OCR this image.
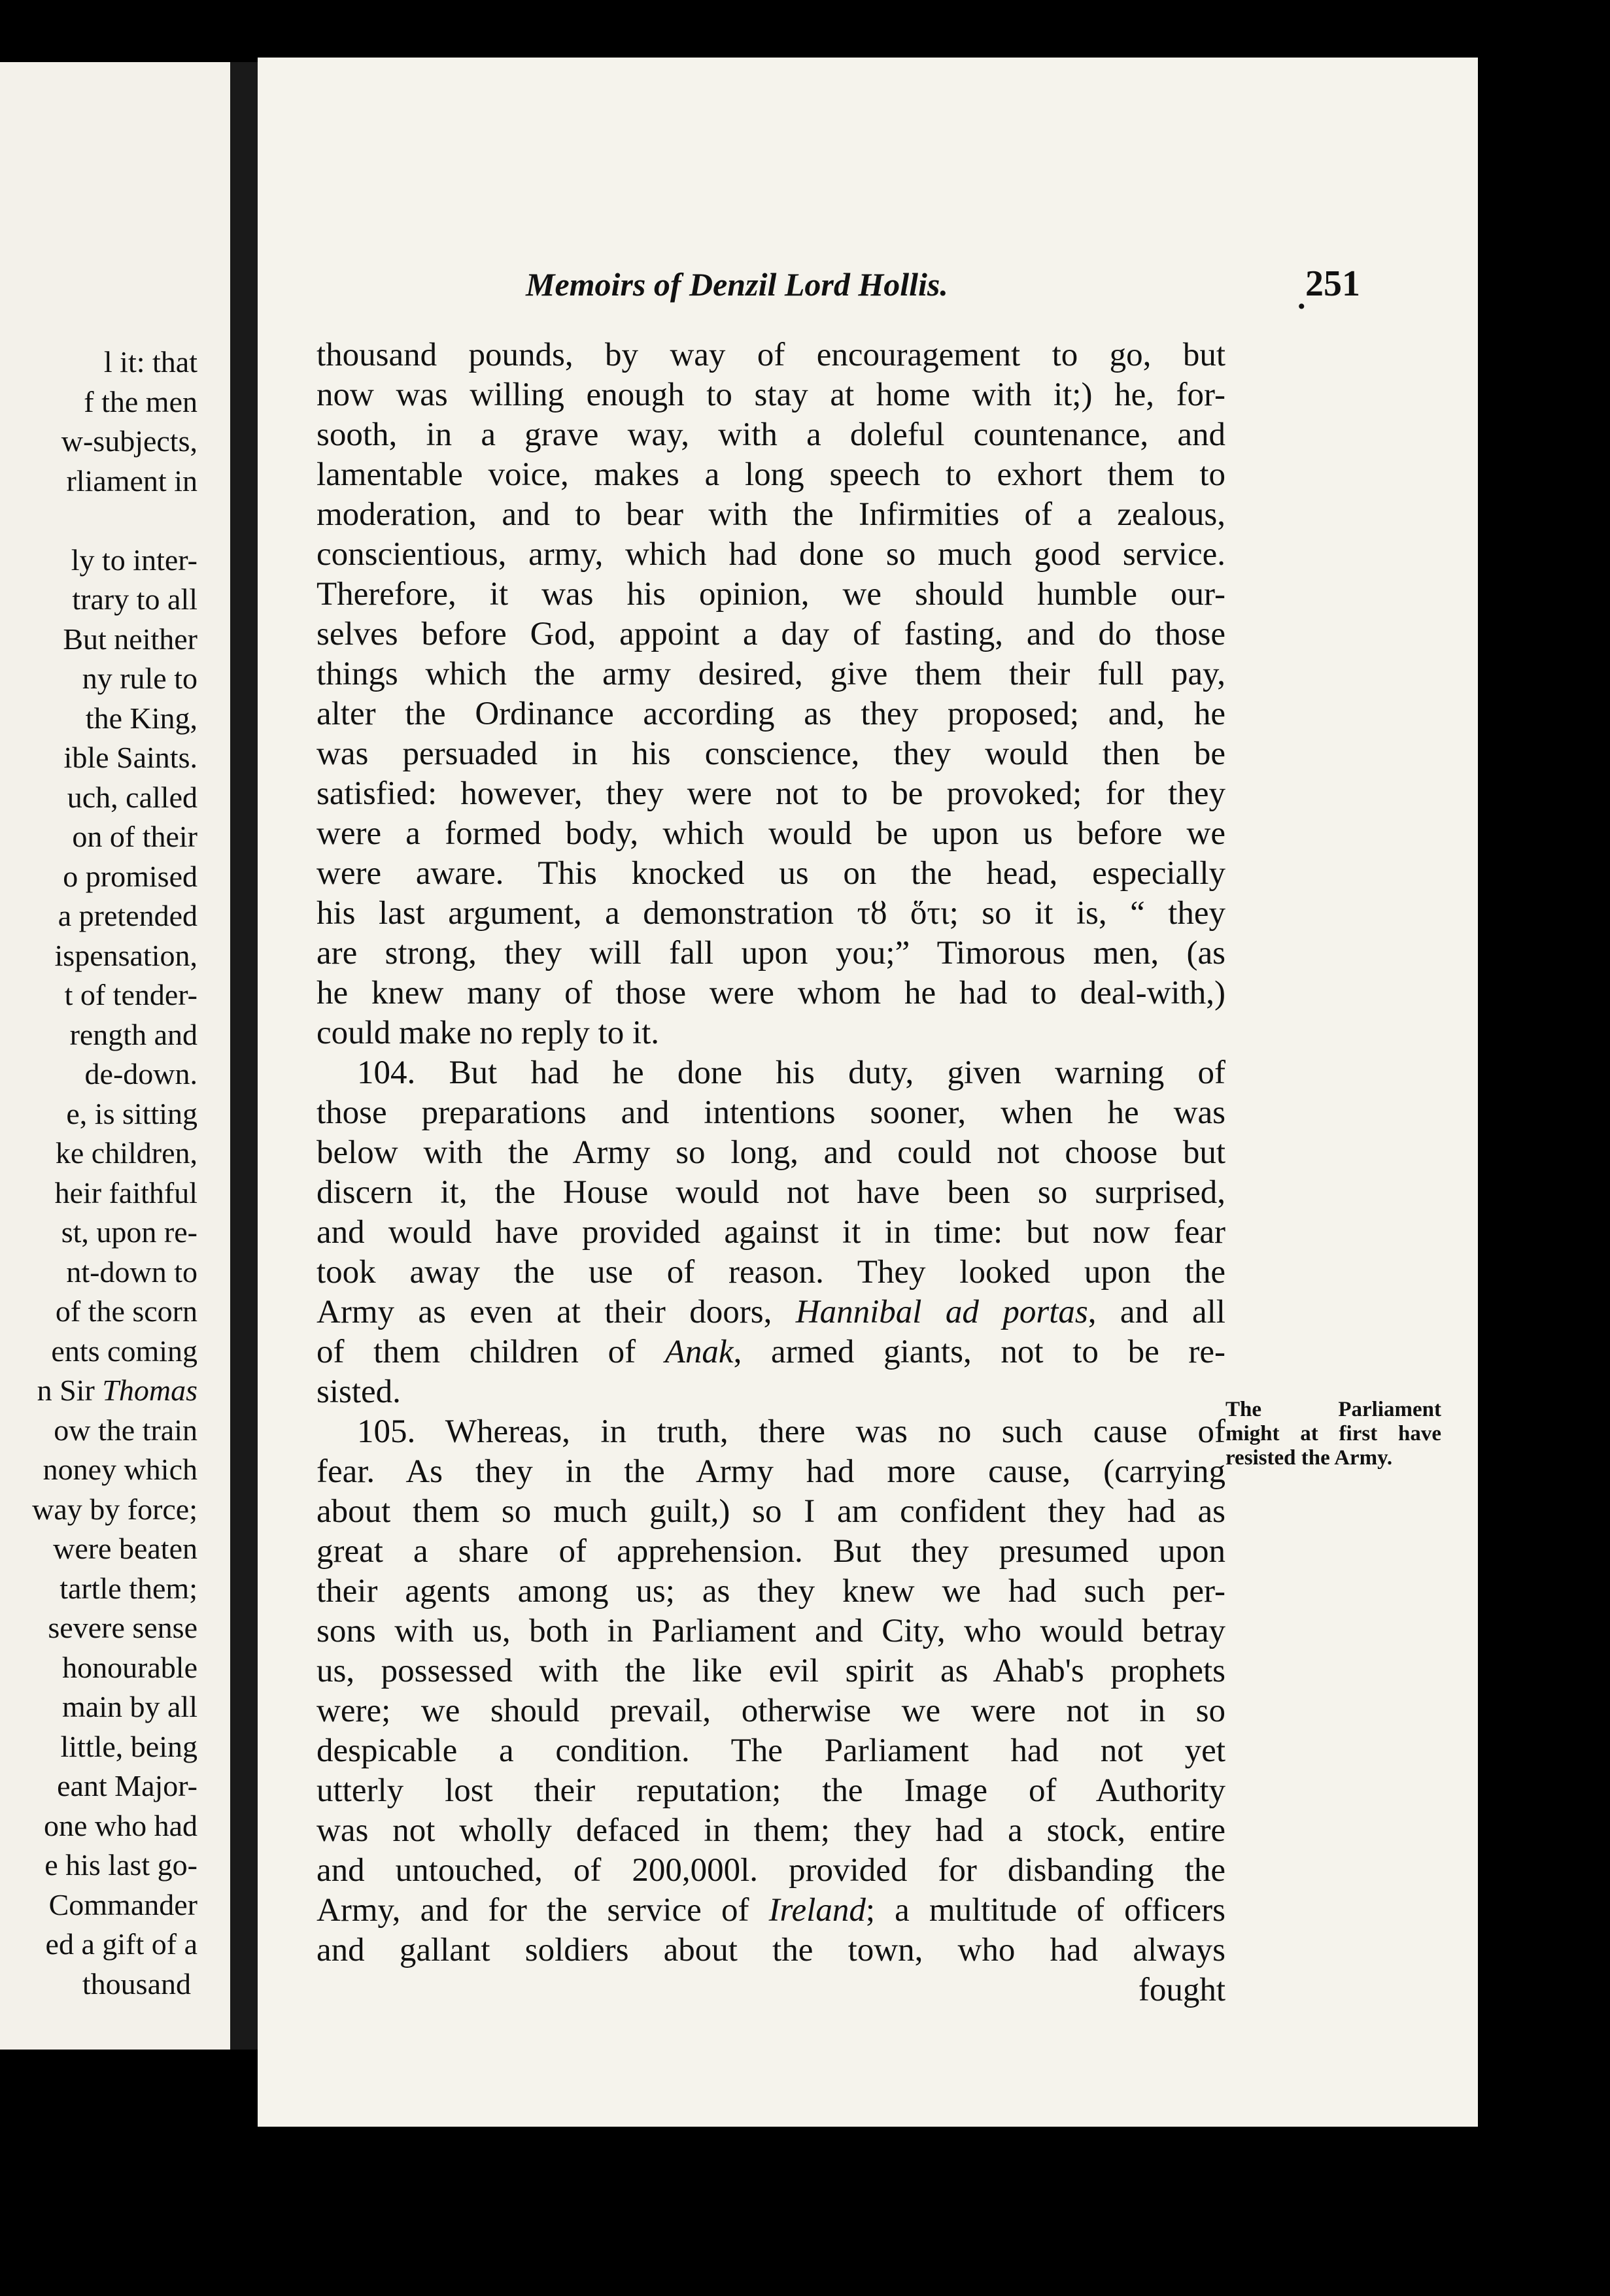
l it: that
f the men
w-subjects,
rliament in
ly to inter-
trary to all
But neither
ny rule to
the King,
ible Saints.
uch, called
on of their
o promised
a pretended
ispensation,
t of tender-
rength and
de-down.
e, is sitting
ke children,
heir faithful
st, upon re-
nt-down to
of the scorn
ents coming
n Sir Thomas
ow the train
noney which
way by force;
were beaten
tartle them;
severe sense
honourable
main by all
little, being
eant Major-
one who had
e his last go-
Commander
ed a gift of a
thousand
Memoirs of Denzil Lord Hollis.	. 251
thousand pounds, by way of encouragement to go, but
now was willing enough to stay at home with it;) he, for-
sooth, in a grave way, with a doleful countenance, and
lamentable voice, makes a long speech to exhort them to
moderation, and to bear with the Infirmities of a zealous,
conscientious, army, which had done so much good service.
Therefore, it was his opinion, we should humble our-
selves before God, appoint a day of fasting, and do those
things which the army desired, give them their full pay,
alter the Ordinance according as they proposed; and, he
was persuaded in his conscience, they would then be
satisfied: however, they were not to be provoked; for they
were a formed body, which would be upon us before we
were aware. This knocked us on the head, especially
his last argument, a demonstration τȣ ὅτι; so it is, “ they
are strong, they will fall upon you;” Timorous men, (as
he knew many of those were whom he had to deal-with,)
could make no reply to it.
104. But had he done his duty, given warning of
those preparations and intentions sooner, when he was
below with the Army so long, and could not choose but
discern it, the House would not have been so surprised,
and would have provided against it in time: but now fear
took away the use of reason. They looked upon the
Army as even at their doors, Hannibal ad portas, and all
of them children of Anak, armed giants, not to be re-
sisted.
105. Whereas, in truth, there was no such cause of
fear. As they in the Army had more cause, (carrying
about them so much guilt,) so I am confident they had as
great a share of apprehension. But they presumed upon
their agents among us; as they knew we had such per-
sons with us, both in Parliament and City, who would betray
us, possessed with the like evil spirit as Ahab's prophets
were; we should prevail, otherwise we were not in so
despicable a condition. The Parliament had not yet
utterly lost their reputation; the Image of Authority
was not wholly defaced in them; they had a stock, entire
and untouched, of 200,000l. provided for disbanding the
Army, and for the service of Ireland; a multitude of officers
and gallant soldiers about the town, who had always
fought
The Parliament
might at first have
resisted the Army.
